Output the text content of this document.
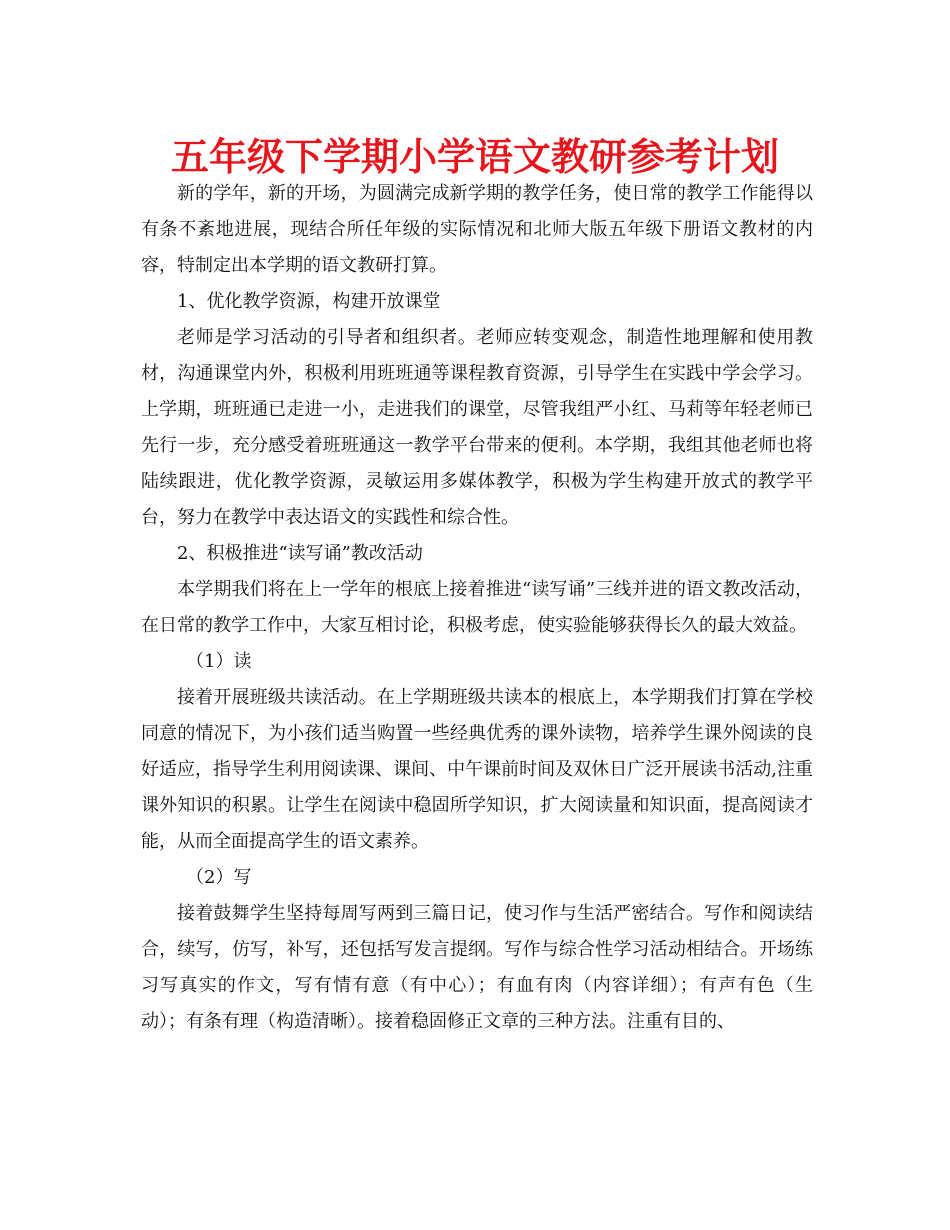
五年级下学期小学语文教研参考计划

新的学年，新的开场，为圆满完成新学期的教学任务，使日常的教学工作能得以有条不紊地进展，现结合所任年级的实际情况和北师大版五年级下册语文教材的内容，特制定出本学期的语文教研打算。

1、优化教学资源，构建开放课堂

老师是学习活动的引导者和组织者。老师应转变观念，制造性地理解和使用教材，沟通课堂内外，积极利用班班通等课程教育资源，引导学生在实践中学会学习。上学期，班班通已走进一小，走进我们的课堂，尽管我组严小红、马莉等年轻老师已先行一步，充分感受着班班通这一教学平台带来的便利。本学期，我组其他老师也将陆续跟进，优化教学资源，灵敏运用多媒体教学，积极为学生构建开放式的教学平台，努力在教学中表达语文的实践性和综合性。

2、积极推进“读写诵”教改活动

本学期我们将在上一学年的根底上接着推进“读写诵”三线并进的语文教改活动，在日常的教学工作中，大家互相讨论，积极考虑，使实验能够获得长久的最大效益。

（1）读

接着开展班级共读活动。在上学期班级共读本的根底上，本学期我们打算在学校同意的情况下，为小孩们适当购置一些经典优秀的课外读物，培养学生课外阅读的良好适应，指导学生利用阅读课、课间、中午课前时间及双休日广泛开展读书活动,注重课外知识的积累。让学生在阅读中稳固所学知识，扩大阅读量和知识面，提高阅读才能，从而全面提高学生的语文素养。

（2）写

接着鼓舞学生坚持每周写两到三篇日记，使习作与生活严密结合。写作和阅读结合，续写，仿写，补写，还包括写发言提纲。写作与综合性学习活动相结合。开场练习写真实的作文，写有情有意（有中心）；有血有肉（内容详细）；有声有色（生动）；有条有理（构造清晰）。接着稳固修正文章的三种方法。注重有目的、
